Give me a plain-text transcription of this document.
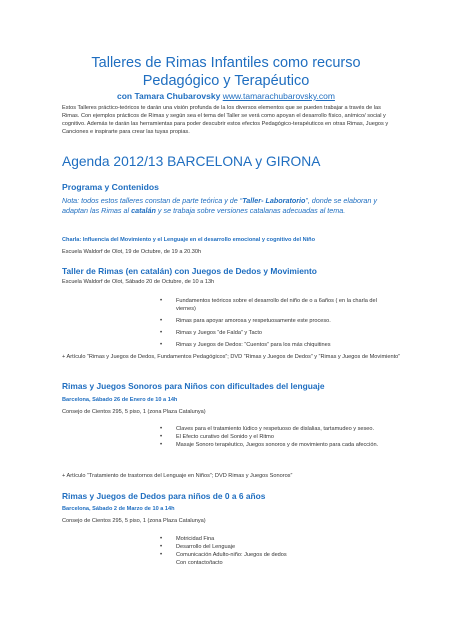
Talleres de Rimas Infantiles como recurso
Pedagógico y Terapéutico

con Tamara Chubarovsky www.tamarachubarovsky.com

Estos Talleres práctico-teóricos te darán una visión profunda de la los diversos elementos que se pueden trabajar a través de las Rimas. Con ejemplos prácticos de Rimas y según sea el tema del Taller se verá como apoyan el desarrollo físico, anímico/ social y cognitivo. Además te darán las herramientas para poder descubrir estos efectos Pedagógico-terapéuticos en otras Rimas, Juegos y Canciones e inspirarte para crear las tuyas propias.

Agenda 2012/13 BARCELONA y GIRONA
Programa y Contenidos

Nota: todos estos talleres constan de parte teórica y de “Taller- Laboratorio”, donde se elaboran y adaptan las Rimas al catalán y se trabaja sobre versiones catalanas adecuadas al tema.

Charla: Influencia del Movimiento y el Lenguaje en el desarrollo emocional y cognitivo del Niño

Escuela Waldorf de Olot, 19 de Octubre, de 19 a 20.30h

Taller de Rimas (en catalán) con Juegos de Dedos y Movimiento

Escuela Waldorf de Olot, Sábado 20 de Octubre, de 10 a 13h

• Fundamentos teóricos sobre el desarrollo del niño de o a 6años ( en la charla del viernes)
• Rimas para apoyar amorosa y respetuosamente este proceso.
• Rimas y Juegos “de Falda” y Tacto
• Rimas y Juegos de Dedos: “Cuentos” para los más chiquitines

+ Artículo “Rimas y Juegos de Dedos, Fundamentos Pedagógicos”; DVD “Rimas y Juegos de Dedos” y “Rimas y Juegos de Movimiento”

Rimas y Juegos Sonoros para Niños con dificultades del lenguaje

Barcelona, Sábado 26 de Enero de 10 a 14h

Consejo de Cientos 295, 5 piso, 1 (zona Plaza Catalunya)

• Claves para el tratamiento lúdico y respetuoso de dislalias, tartamudeo y seseo.
• El Efecto curativo del Sonido y el Ritmo
• Masaje Sonoro terapéutico, Juegos sonoros y de movimiento para cada afección.

+ Artículo “Tratamiento de trastornos del Lenguaje en Niños”; DVD Rimas y Juegos Sonoros”

Rimas y Juegos de Dedos para niños de 0 a 6 años

Barcelona, Sábado 2 de Marzo de 10 a 14h

Consejo de Cientos 295, 5 piso, 1 (zona Plaza Catalunya)

• Motricidad Fina
• Desarrollo del Lenguaje
• Comunicación Adulto-niño: Juegos de dedos

Con contacto/tacto
